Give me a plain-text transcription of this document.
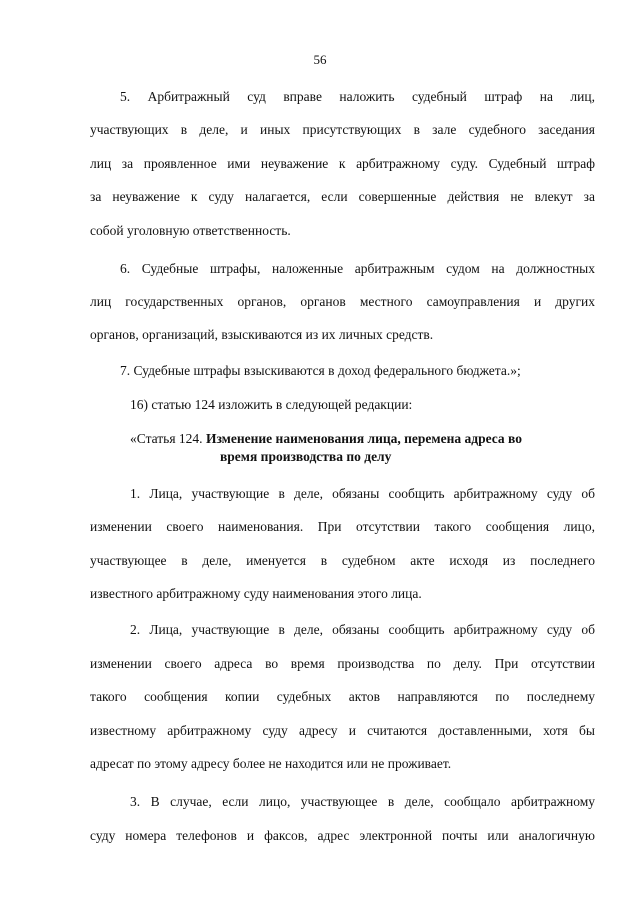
56
5. Арбитражный суд вправе наложить судебный штраф на лиц,
участвующих в деле, и иных присутствующих в зале судебного заседания
лиц за проявленное ими неуважение к арбитражному суду. Судебный штраф
за неуважение к суду налагается, если совершенные действия не влекут за
собой уголовную ответственность.
6. Судебные штрафы, наложенные арбитражным судом на должностных
лиц государственных органов, органов местного самоуправления и других
органов, организаций, взыскиваются из их личных средств.
7. Судебные штрафы взыскиваются в доход федерального бюджета.»;
16) статью 124 изложить в следующей редакции:
«Статья 124. Изменение наименования лица, перемена адреса во
время производства по делу
1. Лица, участвующие в деле, обязаны сообщить арбитражному суду об
изменении своего наименования. При отсутствии такого сообщения лицо,
участвующее в деле, именуется в судебном акте исходя из последнего
известного арбитражному суду наименования этого лица.
2. Лица, участвующие в деле, обязаны сообщить арбитражному суду об
изменении своего адреса во время производства по делу. При отсутствии
такого сообщения копии судебных актов направляются по последнему
известному арбитражному суду адресу и считаются доставленными, хотя бы
адресат по этому адресу более не находится или не проживает.
3. В случае, если лицо, участвующее в деле, сообщало арбитражному
суду номера телефонов и факсов, адрес электронной почты или аналогичную
